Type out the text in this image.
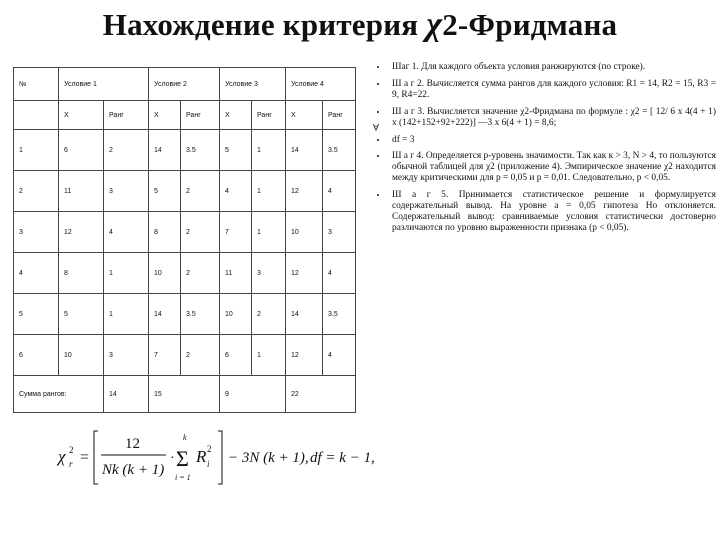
Нахождение критерия χ2-Фридмана
№	Условие 1		Условие 2		Условие 3		Условие 4	
	X	Ранг	X	Ранг	X	Ранг	X	Ранг
1	6	2	14	3.5	5	1	14	3.5
2	11	3	5	2	4	1	12	4
3	12	4	8	2	7	1	10	3
4	8	1	10	2	11	3	12	4
5	5	1	14	3.5	10	2	14	3.5
6	10	3	7	2	6	1	12	4
Сумма рангов:		14	15		9		22	
A
• Шаг 1. Для каждого объекта условия ранжируются (по строке).
• Ш а г 2. Вычисляется сумма рангов для каждого условия: R1 = 14, R2 = 15, R3 = 9, R4=22.
• Ш а г 3. Вычисляется значение χ2-Фридмана по формуле : χ2 = [ 12/ 6 х 4(4 + 1) х (142+152+92+222)] —3 х 6(4 + 1) = 8,6;
• df = 3
• Ш а г 4. Определяется р-уровень значимости. Так как к > 3, N > 4, то пользуются обычной таблицей для χ2 (приложение 4). Эмпирическое значение χ2 находится между критическими для р = 0,05 и р = 0,01. Следовательно, р < 0,05.
• Ш а г 5. Принимается статистическое решение и формулируется содержательный вывод. На уровне а = 0,05 гипотеза Но отклоняется. Содержательный вывод: сравниваемые условия статистически достоверно различаются по уровню выраженности признака (р < 0,05).
χ 2
r =
12
Nk (k + 1)
·
k
Σ
i = 1
R 2
i − 3N (k + 1), df = k − 1 ,
